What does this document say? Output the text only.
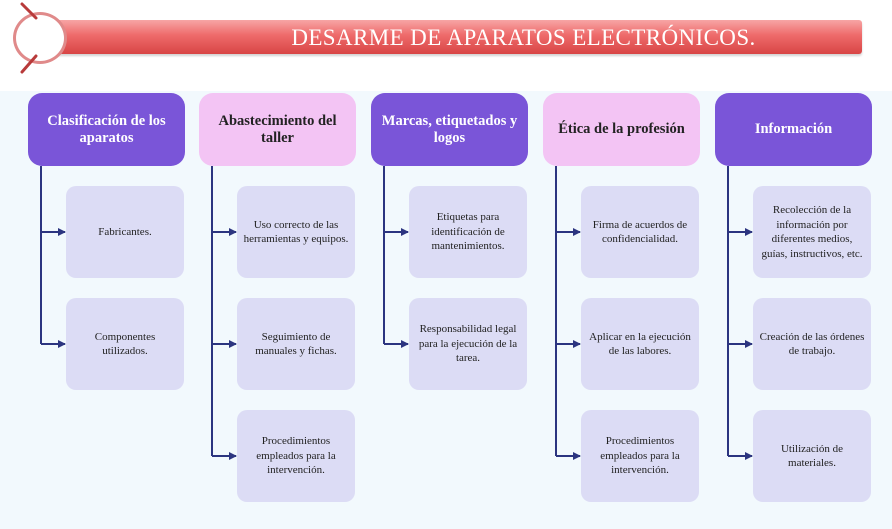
DESARME DE APARATOS ELECTRÓNICOS.
Clasificación de los aparatos
Fabricantes.
Componentes utilizados.
Abastecimiento del taller
Uso correcto de las herramientas y equipos.
Seguimiento de manuales y fichas.
Procedimientos empleados para la intervención.
Marcas, etiquetados y logos
Etiquetas para identificación de mantenimientos.
Responsabilidad legal para la ejecución de la tarea.
Ética de la profesión
Firma de acuerdos de confidencialidad.
Aplicar en la ejecución de las labores.
Procedimientos empleados para la intervención.
Información
Recolección de la información por diferentes medios, guías, instructivos, etc.
Creación de las órdenes de trabajo.
Utilización de materiales.
